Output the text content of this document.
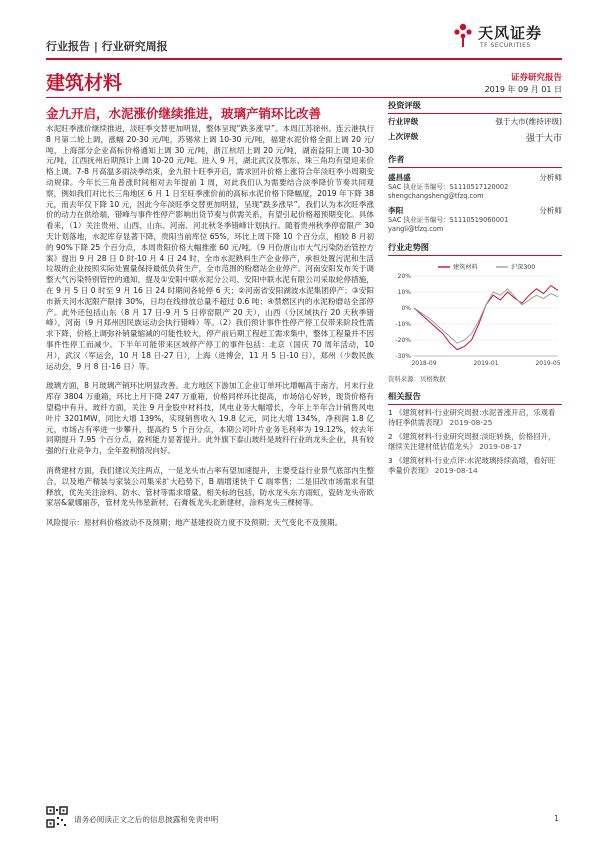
行业报告 | 行业研究周报
天风证券
TF SECURITIES
建筑材料	证券研究报告
2019 年 09 月 01 日
金九开启，水泥涨价继续推进，玻璃产销环比改善

水泥旺季涨价继续推进，淡旺季交替更加明显，整体呈现“跌多涨早”。本周江苏徐州、连云港执行 8 月第二轮上调，涨幅 20-30 元/吨，苏锡常上调 10-30 元/吨，福建水泥价格全面上调 20 元/吨，上海部分企业高标价格通知上调 30 元/吨，浙江杭绍上调 20 元/吨，湖南益阳上调 10-30 元/吨，江西抚州后期预计上调 10-20 元/吨。进入 9 月，湖北武汉及鄂东、珠三角均有望迎来价格上调。7-8 月高温多雨淡季结束，金九银十旺季开启，需求回升价格上涨符合年淡旺季小周期变动规律。今年长三角普涨时间相对去年提前 1 周，对此我们认为需要结合淡季降价节奏共同观察，例如我们对比长三角地区 6 月 1 日至旺季涨价前的高标水泥价格下降幅度，2019 年下降 38 元，而去年仅下降 10 元，因此今年淡旺季交替更加明显，呈现“跌多涨早”。我们认为本次旺季涨价的动力在供给端，错峰与事件性停产影响出货节奏与供需关系，有望引起价格超预期变化。具体看来，（1）关注贵州、山西、山东、河南、河北秋冬季错峰计划执行。随着贵州秋季停窑限产 30 天计划落地，水泥库存显著下降，贵阳当前库位 65%，环比上周下降 10 个百分点，相较 8 月初的 90%下降 25 个百分点，本周贵阳价格大幅推涨 60 元/吨。《9 月份唐山市大气污染防治管控方案》提出 9 月 28 日 0 时-10 月 4 日 24 时，全市水泥熟料生产企业停产，承担处置污泥和生活垃圾的企业按照实际处置量保持最低负荷生产，全市范围的粉磨站企业停产。河南安阳发布关于调整大气污染特别管控的通知，提及①安阳中联水泥分公司、安阳中联水泥有限公司采取轮停措施，在 9 月 5 日 0 时至 9 月 16 日 24 时期间各轮停 6 天；②河南省安阳湖波水泥集团停产；③安阳市新天河水泥限产限排 30%，日均在线排放总量不超过 0.6 吨；④禁燃区内的水泥粉磨站全部停产。此外还包括山东（8 月 17 日-9 月 5 日停窑限产 20 天），山西（分区域执行 20 天秋季错峰），河南（9 月郑州因民族运动会执行错峰）等。（2）我们预计事件性停产停工仅带来阶段性需求下降，价格上调弥补销量缩减的可能性较大，停产前后期工程赶工需求集中，整体工程量并不因事件性停工而减少。下半年可能带来区域停产停工的事件包括：北京（国庆 70 周年活动，10 月），武汉（军运会，10 月 18 日-27 日），上海（进博会，11 月 5 日-10 日），郑州（少数民族运动会，9 月 8 日-16 日）等。

玻璃方面，8 月玻璃产销环比明显改善。北方地区下游加工企业订单环比增幅高于南方，月末行业库存 3804 万重箱，环比上月下降 247 万重箱，价格同样环比提高，市场信心好转，现货价格有望稳中有升。玻纤方面，关注 9 月金股中材科技，风电业务大幅增长，今年上半年合计销售风电叶片 3201MW，同比大增 139%，实现销售收入 19.8 亿元，同比大增 134%，净利润 1.8 亿元，市场占有率进一步攀升，提高约 5 个百分点，本期公司叶片业务毛利率为 19.12%，较去年同期提升 7.95 个百分点，盈利能力显著提升。此外旗下泰山玻纤是玻纤行业的龙头企业，具有较强的行业竞争力，全年盈利情况向好。

消费建材方面，我们建议关注两点，一是龙头市占率有望加速提升，主要受益行业景气底部内生整合，以及地产精装与家装公司集采扩大趋势下，B 端增速快于 C 端零售；二是旧改市场需求有望释放，优先关注涂料、防水、管材等需求增量。相关标的包括，防水龙头东方雨虹，瓷砖龙头帝欧家居&蒙娜丽莎，管材龙头伟星新材，石膏板龙头北新建材，涂料龙头三棵树等。

风险提示：原材料价格波动不及预期；地产基建投资力度不及预期；天气变化不及预期。

投资评级
行业评级	强于大市(维持评级)
上次评级	强于大市
作者
盛昌盛	分析师
SAC 执业证书编号：S1110517120002
shengchangsheng@tfzq.com
李阳	分析师
SAC 执业证书编号：S1110519060001
yangli@tfzq.com
行业走势图
20%
10%
0%
-10%
-20%
-30%
2018-09	2019-01	2019-05
建筑材料	沪深300
资料来源：贝格数据
相关报告
1 《建筑材料-行业研究周报:水泥普涨开启，乐观看待旺季供需表现》 2019-08-25
2 《建筑材料-行业研究周报:淡旺转换，价格回升，继续关注建材低估值龙头》 2019-08-17
3 《建筑材料-行业点评:水泥玻璃持续高增，看好旺季量价表现》 2019-08-14
请务必阅读正文之后的信息披露和免责申明	1
